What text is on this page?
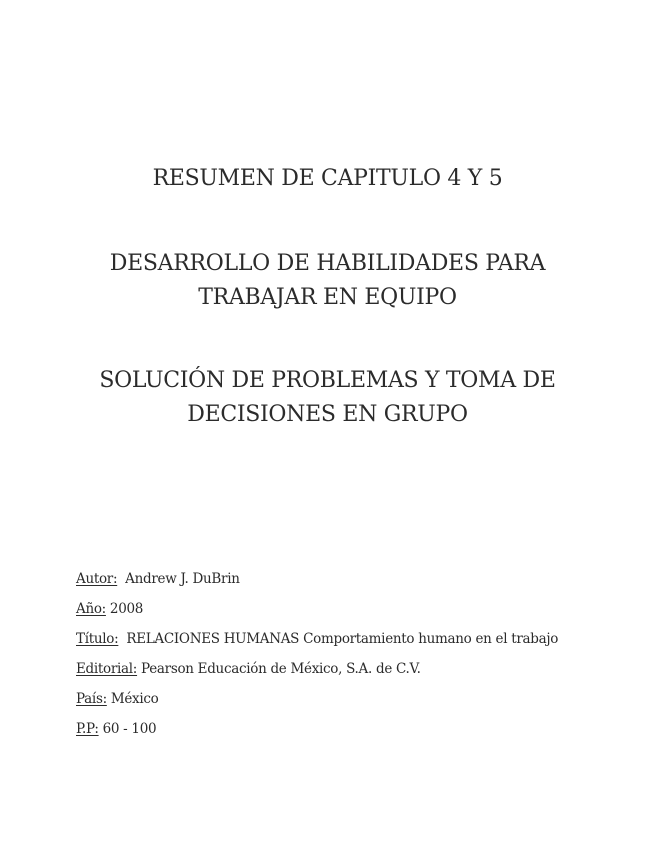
RESUMEN DE CAPITULO 4 Y 5
DESARROLLO DE HABILIDADES PARA
TRABAJAR EN EQUIPO
SOLUCIÓN DE PROBLEMAS Y TOMA DE
DECISIONES EN GRUPO
Autor:  Andrew J. DuBrin
Año: 2008
Título:  RELACIONES HUMANAS Comportamiento humano en el trabajo
Editorial: Pearson Educación de México, S.A. de C.V.
País: México
P.P: 60 - 100
